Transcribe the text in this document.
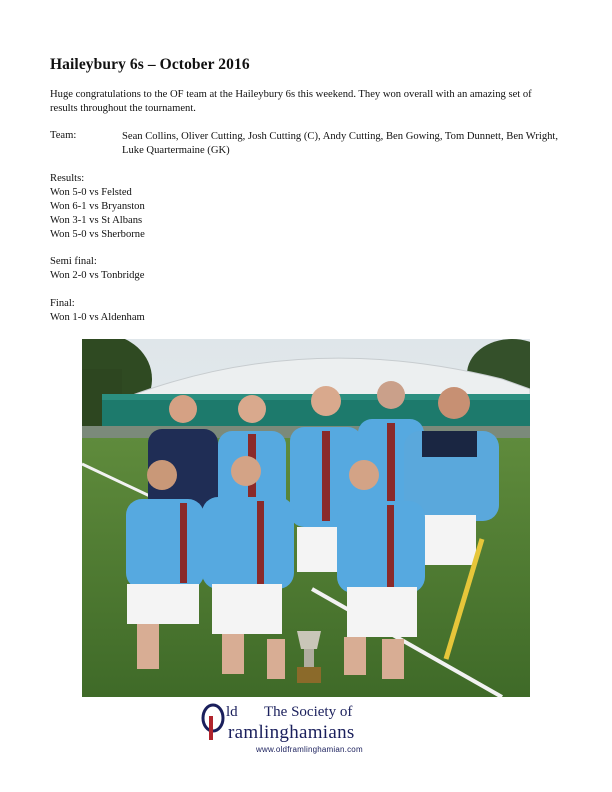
Haileybury 6s – October 2016
Huge congratulations to the OF team at the Haileybury 6s this weekend. They won overall with an amazing set of results throughout the tournament.
Team:	Sean Collins, Oliver Cutting, Josh Cutting (C), Andy Cutting, Ben Gowing, Tom Dunnett, Ben Wright, Luke Quartermaine (GK)
Results:
Won 5-0 vs Felsted
Won 6-1 vs Bryanston
Won 3-1 vs St Albans
Won 5-0 vs Sherborne
Semi final:
Won 2-0 vs Tonbridge
Final:
Won 1-0 vs Aldenham
ld The Society of
ramlinghamians
www.oldframlinghamian.com
